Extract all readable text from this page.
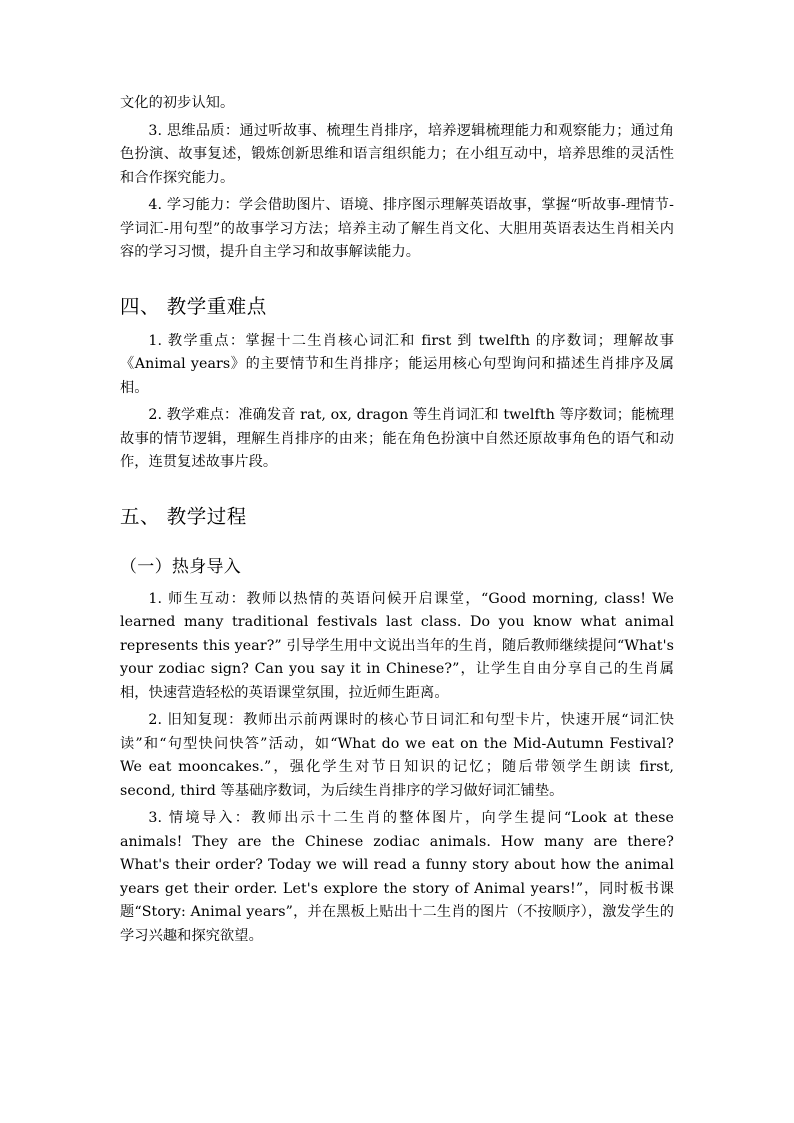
文化的初步认知。

3. 思维品质：通过听故事、梳理生肖排序，培养逻辑梳理能力和观察能力；通过角色扮演、故事复述，锻炼创新思维和语言组织能力；在小组互动中，培养思维的灵活性和合作探究能力。

4. 学习能力：学会借助图片、语境、排序图示理解英语故事，掌握“听故事-理情节-学词汇-用句型”的故事学习方法；培养主动了解生肖文化、大胆用英语表达生肖相关内容的学习习惯，提升自主学习和故事解读能力。

四、 教学重难点

1. 教学重点：掌握十二生肖核心词汇和 first 到 twelfth 的序数词；理解故事《Animal years》的主要情节和生肖排序；能运用核心句型询问和描述生肖排序及属相。

2. 教学难点：准确发音 rat, ox, dragon 等生肖词汇和 twelfth 等序数词；能梳理故事的情节逻辑，理解生肖排序的由来；能在角色扮演中自然还原故事角色的语气和动作，连贯复述故事片段。

五、 教学过程
（一）热身导入

1. 师生互动：教师以热情的英语问候开启课堂，“Good morning, class! We learned many traditional festivals last class. Do you know what animal represents this year?” 引导学生用中文说出当年的生肖，随后教师继续提问“What's your zodiac sign? Can you say it in Chinese?”，让学生自由分享自己的生肖属相，快速营造轻松的英语课堂氛围，拉近师生距离。

2. 旧知复现：教师出示前两课时的核心节日词汇和句型卡片，快速开展“词汇快读”和“句型快问快答”活动，如“What do we eat on the Mid-Autumn Festival? We eat mooncakes.”，强化学生对节日知识的记忆；随后带领学生朗读 first, second, third 等基础序数词，为后续生肖排序的学习做好词汇铺垫。

3. 情境导入：教师出示十二生肖的整体图片，向学生提问“Look at these animals! They are the Chinese zodiac animals. How many are there? What's their order? Today we will read a funny story about how the animal years get their order. Let's explore the story of Animal years!”，同时板书课题“Story: Animal years”，并在黑板上贴出十二生肖的图片（不按顺序），激发学生的学习兴趣和探究欲望。
